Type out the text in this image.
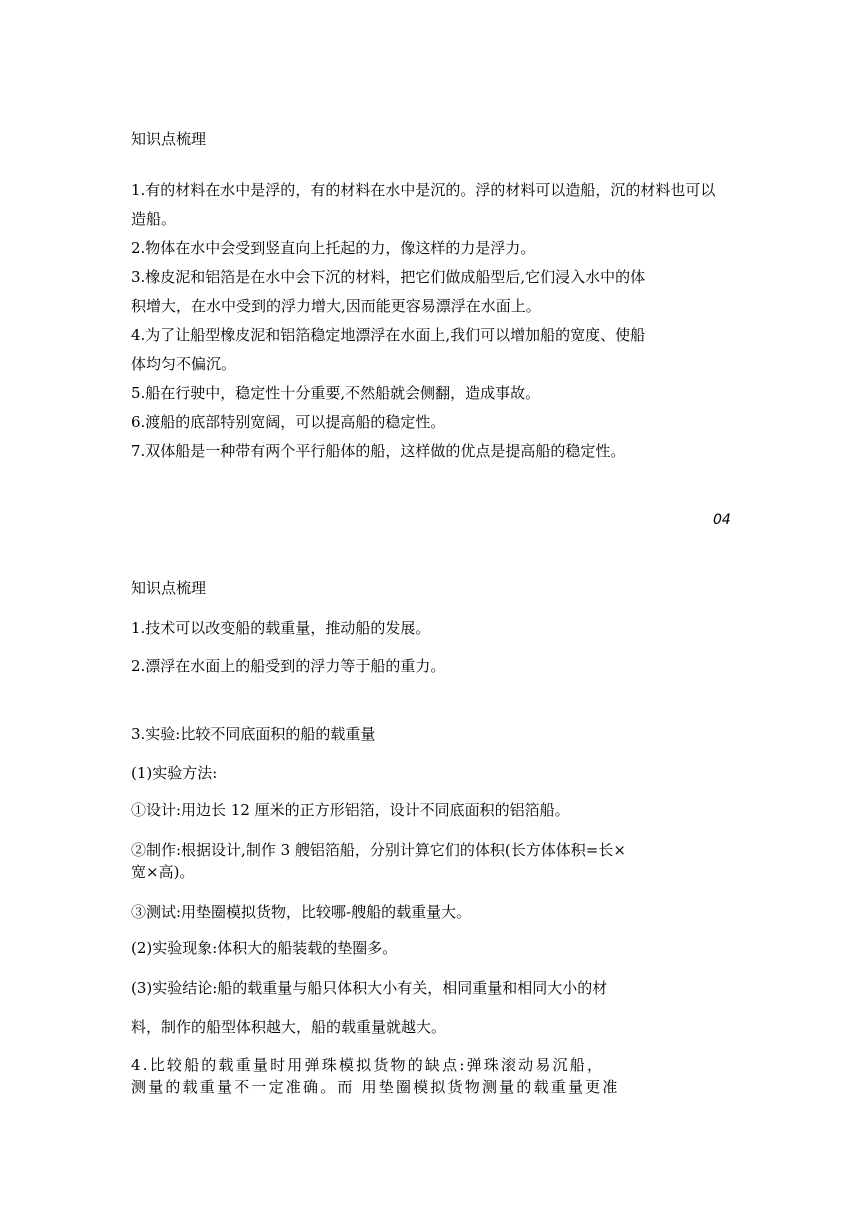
知识点梳理
1.有的材料在水中是浮的，有的材料在水中是沉的。浮的材料可以造船，沉的材料也可以
造船。
2.物体在水中会受到竖直向上托起的力，像这样的力是浮力。
3.橡皮泥和铝箔是在水中会下沉的材料，把它们做成船型后,它们浸入水中的体
积增大，在水中受到的浮力增大,因而能更容易漂浮在水面上。
4.为了让船型橡皮泥和铝箔稳定地漂浮在水面上,我们可以增加船的宽度、使船
体均匀不偏沉。
5.船在行驶中，稳定性十分重要,不然船就会侧翻，造成事故。
6.渡船的底部特别宽阔，可以提高船的稳定性。
7.双体船是一种带有两个平行船体的船，这样做的优点是提高船的稳定性。
04
知识点梳理
1.技术可以改变船的载重量，推动船的发展。
2.漂浮在水面上的船受到的浮力等于船的重力。
3.实验:比较不同底面积的船的载重量
(1)实验方法:
①设计:用边长 12 厘米的正方形铝箔，设计不同底面积的铝箔船。
②制作:根据设计,制作 3 艘铝箔船，分别计算它们的体积(长方体体积=长×
宽×高)。
③测试:用垫圈模拟货物，比较哪-艘船的载重量大。
(2)实验现象:体积大的船装载的垫圈多。
(3)实验结论:船的载重量与船只体积大小有关，相同重量和相同大小的材
料，制作的船型体积越大，船的载重量就越大。
4.比较船的载重量时用弹珠模拟货物的缺点:弹珠滚动易沉船，
测量的载重量不一定准确。而 用垫圈模拟货物测量的载重量更准
